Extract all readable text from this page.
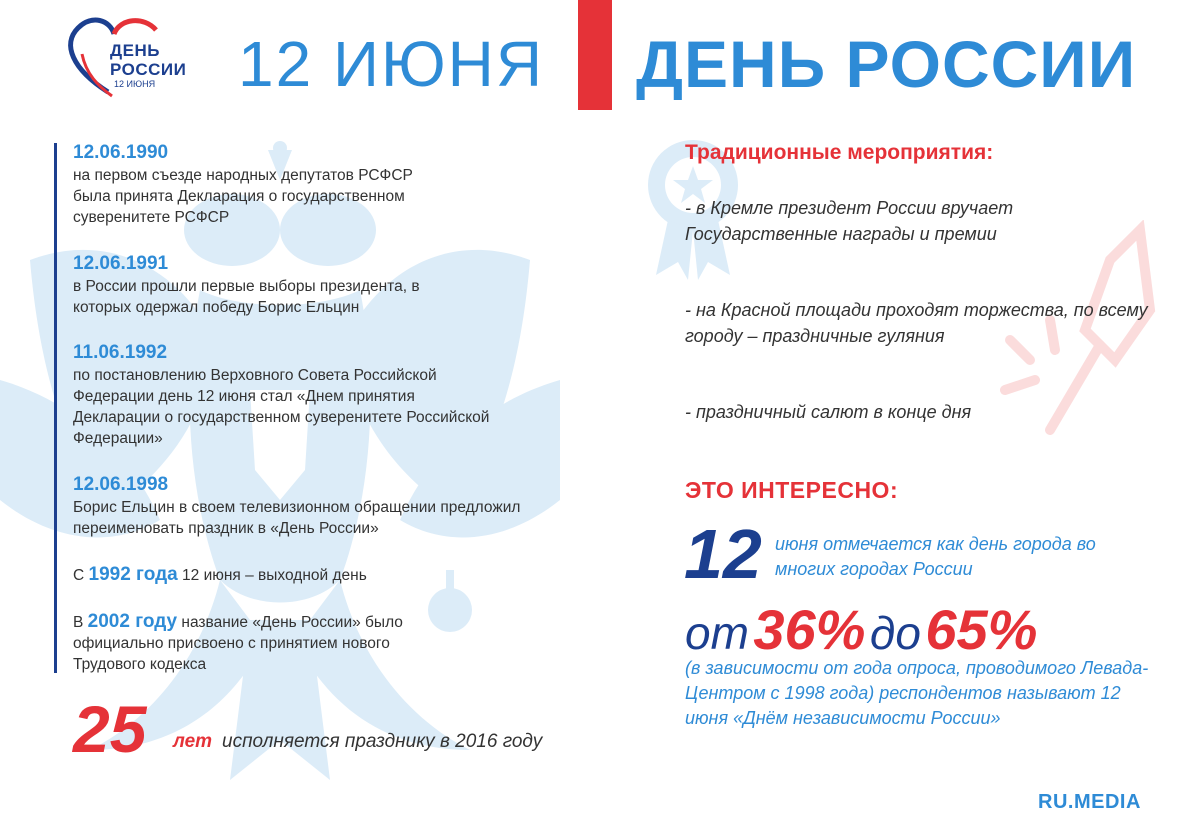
ДЕНЬ
РОССИИ
12 ИЮНЯ 12 ИЮНЯ ДЕНЬ РОССИИ
12.06.1990
на первом съезде народных депутатов РСФСР была принята Декларация о государственном суверенитете РСФСР
12.06.1991
в России прошли первые выборы президента, в которых одержал победу Борис Ельцин
11.06.1992
по постановлению Верховного Совета Российской Федерации день 12 июня стал «Днем принятия Декларации о государственном суверенитете Российской Федерации»
12.06.1998
Борис Ельцин в своем телевизионном обращении предложил переименовать праздник в «День России»
С 1992 года 12 июня – выходной день
В 2002 году название «День России» было официально присвоено с принятием нового Трудового кодекса
25 лет исполняется празднику в 2016 году
Традиционные мероприятия:
- в Кремле президент России вручает Государственные награды и премии
- на Красной площади проходят торжества, по всему городу – праздничные гуляния
- праздничный салют в конце дня
ЭТО ИНТЕРЕСНО:
12 июня отмечается как день города во многих городах России
от 36% до 65%
(в зависимости от года опроса, проводимого Левада-Центром с 1998 года) респондентов называют 12 июня «Днём независимости России»
RU.MEDIA
